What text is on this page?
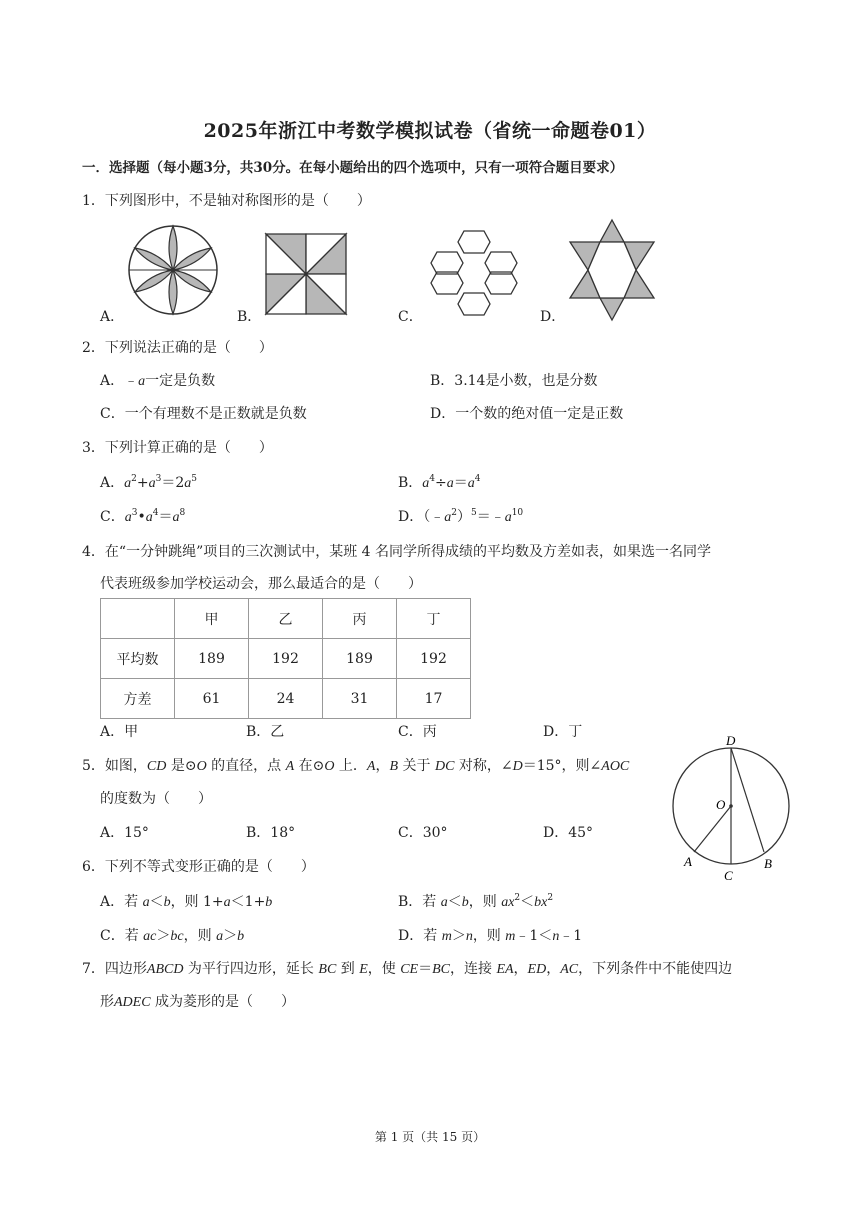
2025年浙江中考数学模拟试卷（省统一命题卷01）
一．选择题（每小题3分，共30分。在每小题给出的四个选项中，只有一项符合题目要求）
1．下列图形中，不是轴对称图形的是（　　）
A．	B．	C．	D．
2．下列说法正确的是（　　）
A．﹣a一定是负数	B．3.14是小数，也是分数
C．一个有理数不是正数就是负数	D．一个数的绝对值一定是正数
3．下列计算正确的是（　　）
A．$a^2+a^3=2a^5$	B．$a^4\div a=a^4$
C．$a^3•a^4=a^8$	D．$(﹣a^2)^5=﹣a^{10}$
4．在“一分钟跳绳”项目的三次测试中，某班 4 名同学所得成绩的平均数及方差如表，如果选一名同学
代表班级参加学校运动会，那么最适合的是（　　）
	甲	乙	丙	丁
平均数	189	192	189	192
方差	61	24	31	17
A．甲	B．乙	C．丙	D．丁
5．如图，CD 是⊙O 的直径，点 A 在⊙O 上．A，B 关于 DC 对称，∠D＝15°，则∠AOC
的度数为（　　）
A．15°	B．18°	C．30°	D．45°
D
O
A	B
C
6．下列不等式变形正确的是（　　）
A．若 a＜b，则 1+a＜1+b	B．若 a＜b，则 $ax^2<bx^2$
C．若 ac＞bc，则 a＞b	D．若 m＞n，则 m﹣1＜n﹣1
7．四边形ABCD 为平行四边形，延长 BC 到 E，使 CE＝BC，连接 EA，ED，AC，下列条件中不能使四边
形ADEC 成为菱形的是（　　）
第 1 页（共 15 页）
